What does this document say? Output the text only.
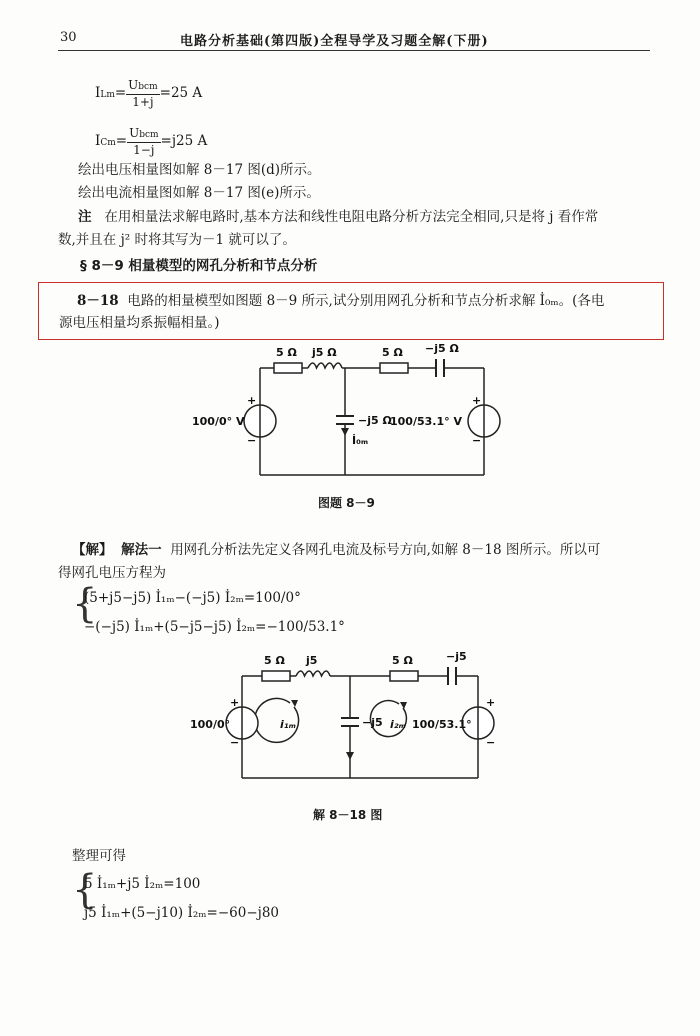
30	电路分析基础(第四版)全程导学及习题全解(下册)
$ILm= \frac{\text{Ubcm}}{1+j} =25$ A
$ICm= \frac{\text{Ubcm}}{1-j} =j25$ A
绘出电压相量图如解 8－17 图(d)所示。
绘出电流相量图如解 8－17 图(e)所示。
注 在用相量法求解电路时,基本方法和线性电阻电路分析方法完全相同,只是将 j 看作常
数,并且在 j² 时将其写为－1 就可以了。
§ 8－9 相量模型的网孔分析和节点分析
8－18 电路的相量模型如图题 8－9 所示,试分别用网孔分析和节点分析求解 İ₀ₘ。(各电
源电压相量均系振幅相量。)
5 Ω j5 Ω	5 Ω −j5 Ω
−j5 Ω
İ₀ₘ
100/0° V	100/53.1° V
+
−
+
−
图题 8－9
【解】 解法一 用网孔分析法先定义各网孔电流及标号方向,如解 8－18 图所示。所以可
得网孔电压方程为
{
(5+j5−j5) İ₁ₘ−(−j5) İ₂ₘ=100/0°
−(−j5) İ₁ₘ+(5−j5−j5) İ₂ₘ=−100/53.1°
5 Ω j5	5 Ω	−j5
−j5
i₁ₘ	i₂ₘ
100/0°	100/53.1°
+
−
+
−
解 8－18 图
整理可得
{
5 İ₁ₘ+j5 İ₂ₘ=100
j5 İ₁ₘ+(5−j10) İ₂ₘ=−60−j80
